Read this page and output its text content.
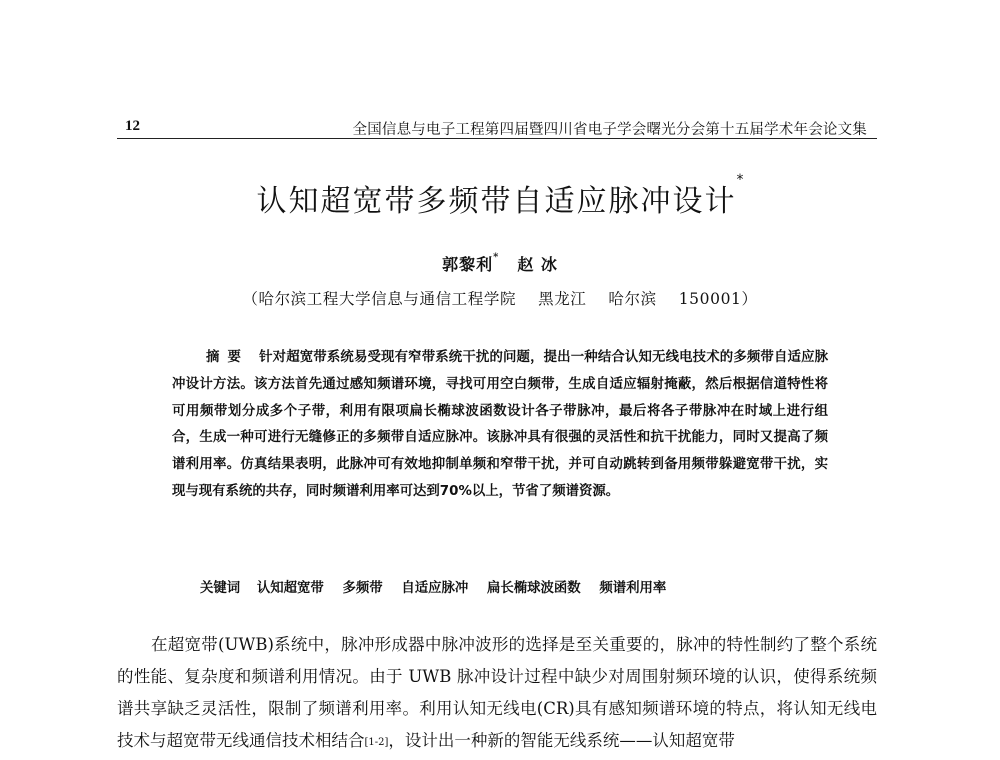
12	全国信息与电子工程第四届暨四川省电子学会曙光分会第十五届学术年会论文集
认知超宽带多频带自适应脉冲设计*
郭黎利* 赵 冰
（哈尔滨工程大学信息与通信工程学院 黑龙江 哈尔滨 150001）
摘要 针对超宽带系统易受现有窄带系统干扰的问题，提出一种结合认知无线电技术的多频带自适应脉冲设计方法。该方法首先通过感知频谱环境，寻找可用空白频带，生成自适应辐射掩蔽，然后根据信道特性将可用频带划分成多个子带，利用有限项扁长椭球波函数设计各子带脉冲，最后将各子带脉冲在时域上进行组合，生成一种可进行无缝修正的多频带自适应脉冲。该脉冲具有很强的灵活性和抗干扰能力，同时又提高了频谱利用率。仿真结果表明，此脉冲可有效地抑制单频和窄带干扰，并可自动跳转到备用频带躲避宽带干扰，实现与现有系统的共存，同时频谱利用率可达到70%以上，节省了频谱资源。
关键词 认知超宽带 多频带 自适应脉冲 扁长椭球波函数 频谱利用率
在超宽带(UWB)系统中，脉冲形成器中脉冲波形的选择是至关重要的，脉冲的特性制约了整个系统的性能、复杂度和频谱利用情况。由于 UWB 脉冲设计过程中缺少对周围射频环境的认识，使得系统频谱共享缺乏灵活性，限制了频谱利用率。利用认知无线电(CR)具有感知频谱环境的特点，将认知无线电技术与超宽带无线通信技术相结合[1-2]，设计出一种新的智能无线系统——认知超宽带
